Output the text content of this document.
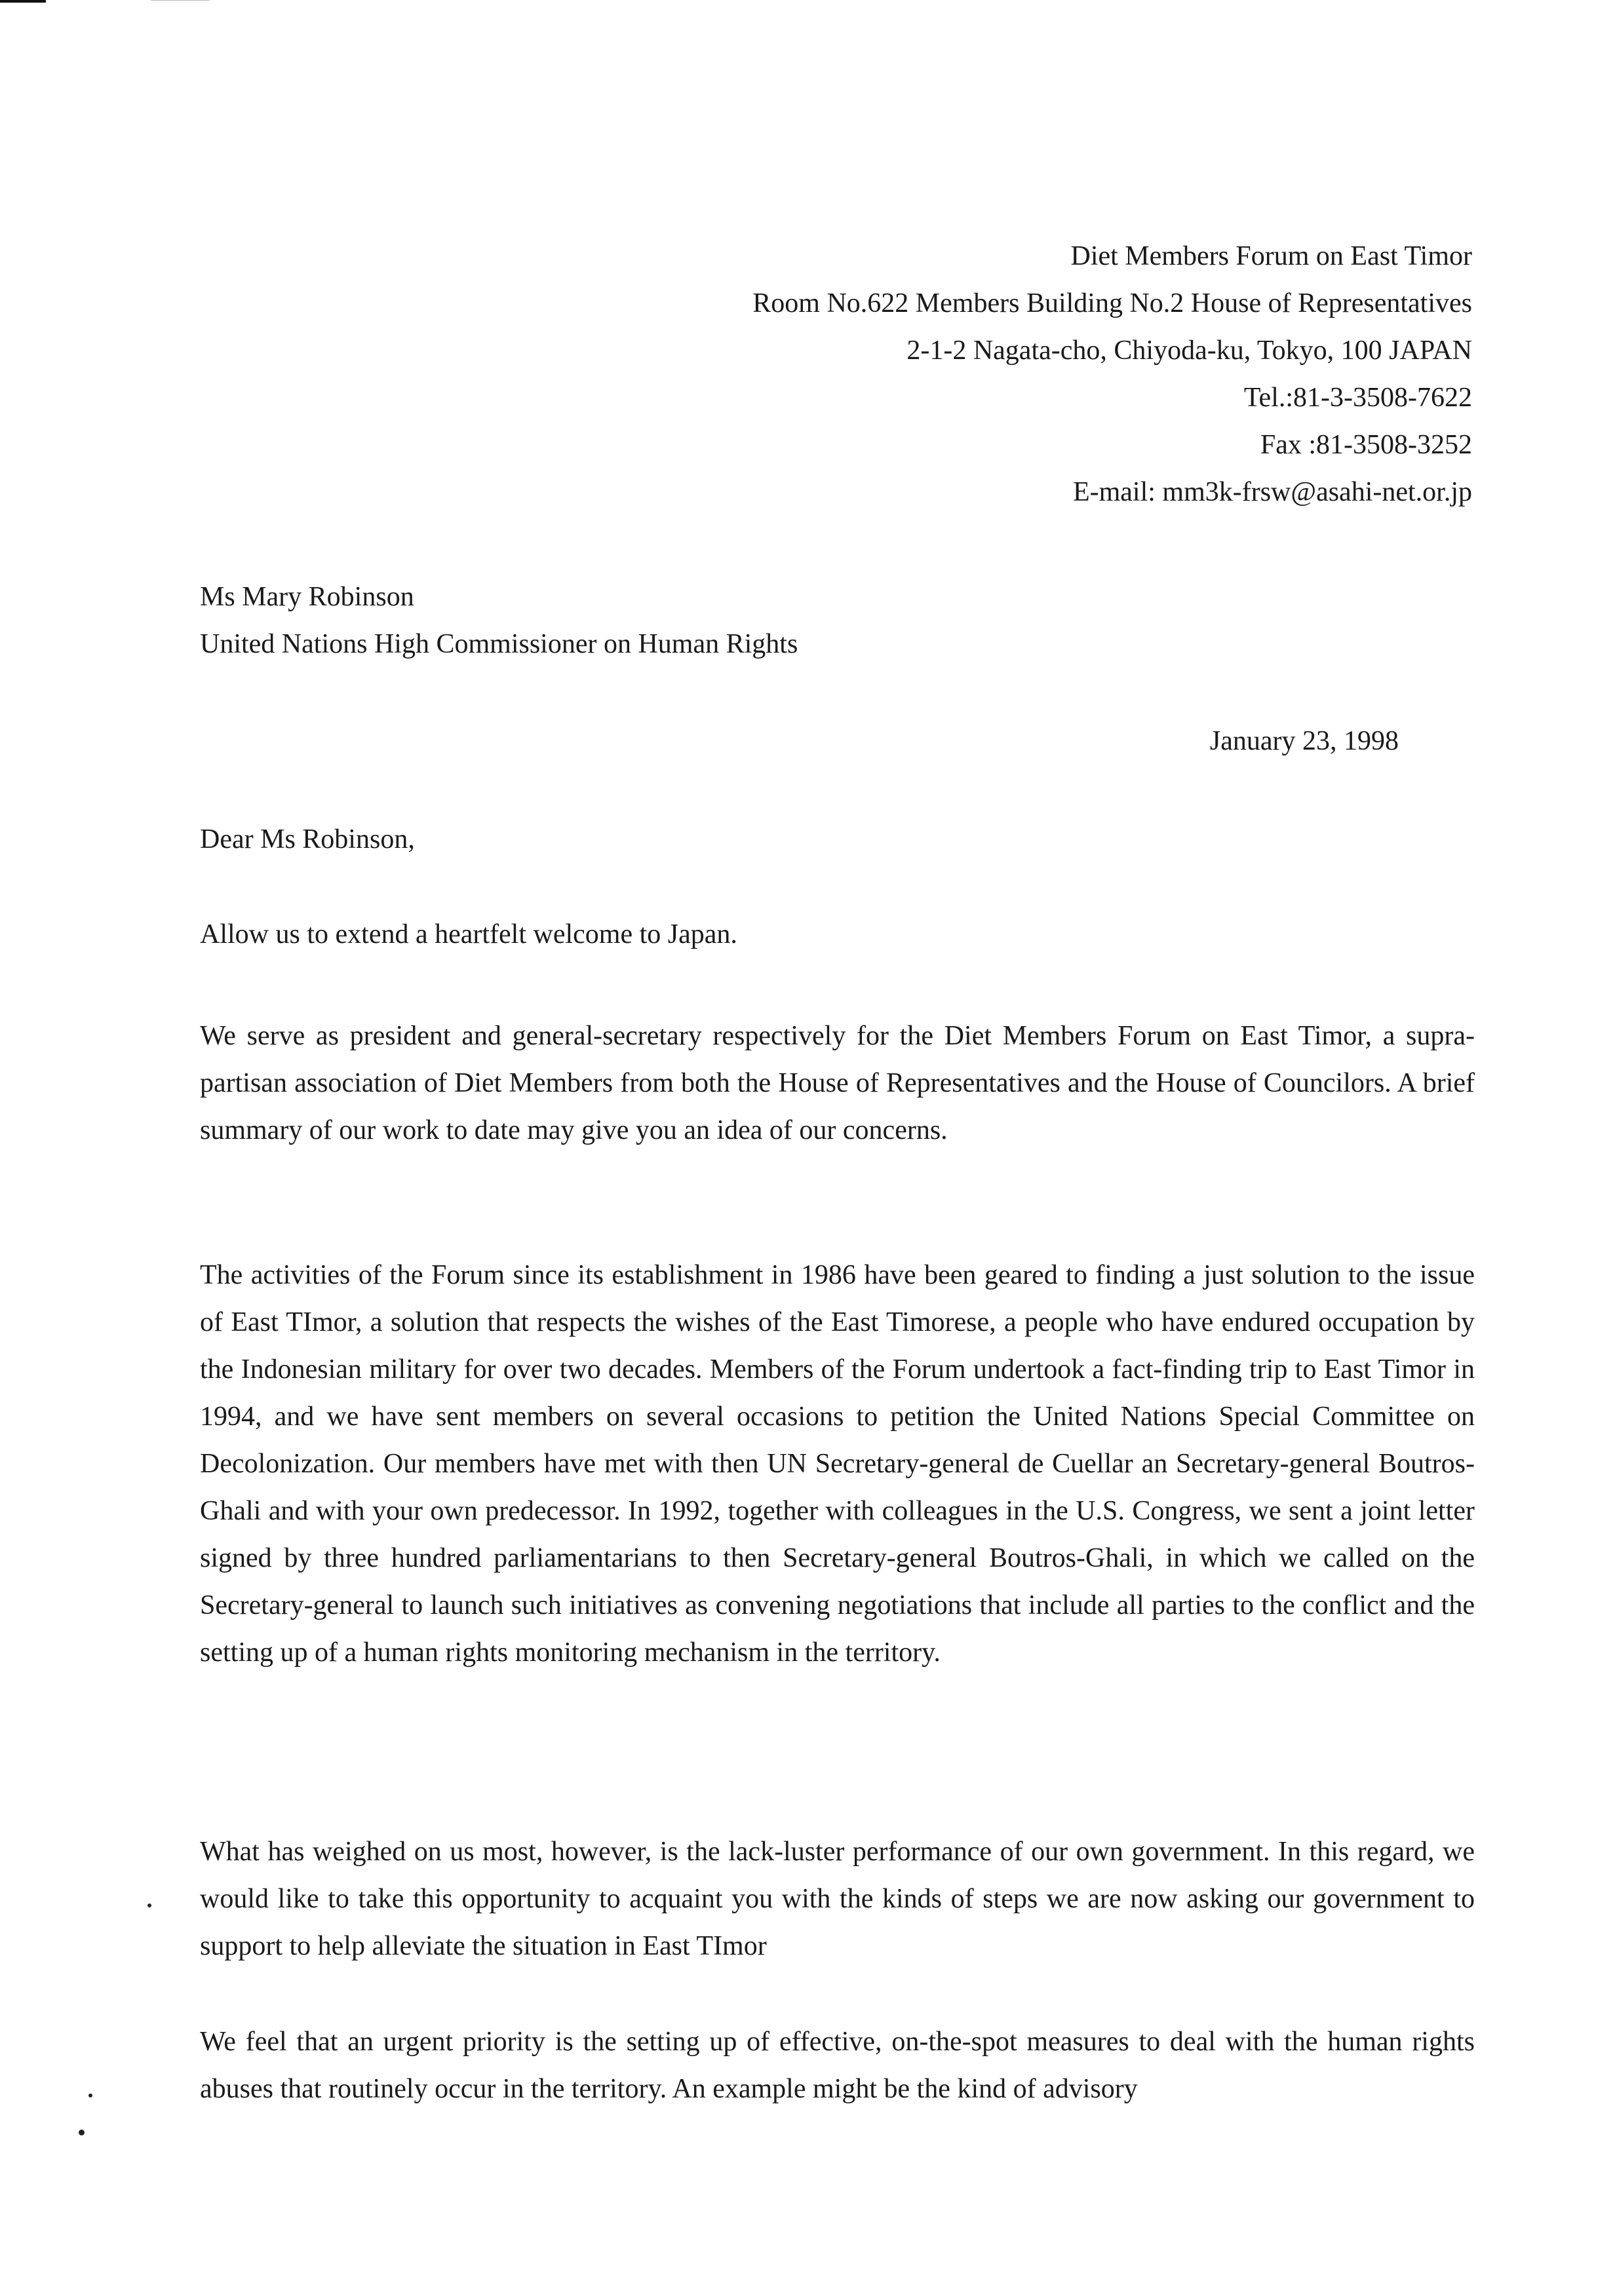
Diet Members Forum on East Timor
Room No.622 Members Building No.2 House of Representatives
2-1-2 Nagata-cho, Chiyoda-ku, Tokyo, 100 JAPAN
Tel.:81-3-3508-7622
Fax :81-3508-3252
E-mail: mm3k-frsw@asahi-net.or.jp
Ms Mary Robinson
United Nations High Commissioner on Human Rights
January 23, 1998
Dear Ms Robinson,

Allow us to extend a heartfelt welcome to Japan.

We serve as president and general-secretary respectively for the Diet Members Forum on East Timor, a supra-partisan association of Diet Members from both the House of Representatives and the House of Councilors. A brief summary of our work to date may give you an idea of our concerns.

The activities of the Forum since its establishment in 1986 have been geared to finding a just solution to the issue of East TImor, a solution that respects the wishes of the East Timorese, a people who have endured occupation by the Indonesian military for over two decades. Members of the Forum undertook a fact-finding trip to East Timor in 1994, and we have sent members on several occasions to petition the United Nations Special Committee on Decolonization. Our members have met with then UN Secretary-general de Cuellar an Secretary-general Boutros-Ghali and with your own predecessor. In 1992, together with colleagues in the U.S. Congress, we sent a joint letter signed by three hundred parliamentarians to then Secretary-general Boutros-Ghali, in which we called on the Secretary-general to launch such initiatives as convening negotiations that include all parties to the conflict and the setting up of a human rights monitoring mechanism in the territory.

What has weighed on us most, however, is the lack-luster performance of our own government. In this regard, we would like to take this opportunity to acquaint you with the kinds of steps we are now asking our government to support to help alleviate the situation in East TImor

We feel that an urgent priority is the setting up of effective, on-the-spot measures to deal with the human rights abuses that routinely occur in the territory. An example might be the kind of advisory
